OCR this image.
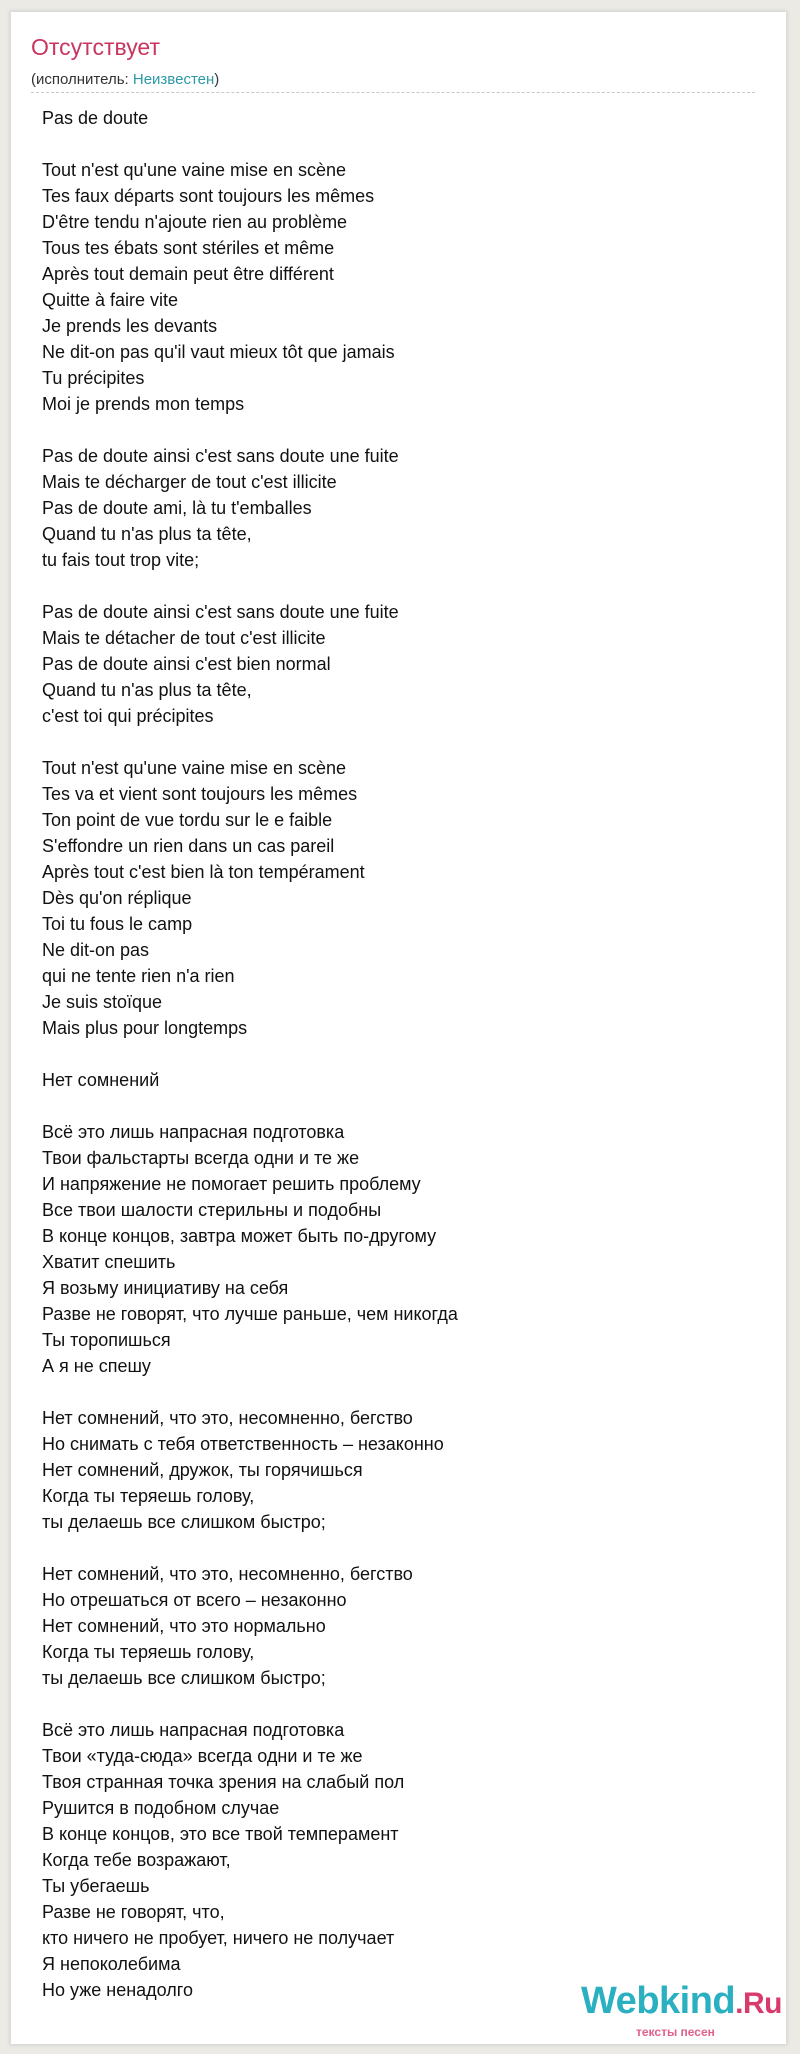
Отсутствует
(исполнитель: Неизвестен)
Pas de doute
Tout n'est qu'une vaine mise en scène
Tes faux départs sont toujours les mêmes
D'être tendu n'ajoute rien au problème
Tous tes ébats sont stériles et même
Après tout demain peut être différent
Quitte à faire vite
Je prends les devants
Ne dit-on pas qu'il vaut mieux tôt que jamais
Tu précipites
Moi je prends mon temps
Pas de doute ainsi c'est sans doute une fuite
Mais te décharger de tout c'est illicite
Pas de doute ami, là tu t'emballes
Quand tu n'as plus ta tête,
tu fais tout trop vite;
Pas de doute ainsi c'est sans doute une fuite
Mais te détacher de tout c'est illicite
Pas de doute ainsi c'est bien normal
Quand tu n'as plus ta tête,
c'est toi qui précipites
Tout n'est qu'une vaine mise en scène
Tes va et vient sont toujours les mêmes
Ton point de vue tordu sur le e faible
S'effondre un rien dans un cas pareil
Après tout c'est bien là ton tempérament
Dès qu'on réplique
Toi tu fous le camp
Ne dit-on pas
qui ne tente rien n'a rien
Je suis stoïque
Mais plus pour longtemps
Нет сомнений
Всё это лишь напрасная подготовка
Твои фальстарты всегда одни и те же
И напряжение не помогает решить проблему
Все твои шалости стерильны и подобны
В конце концов, завтра может быть по-другому
Хватит спешить
Я возьму инициативу на себя
Разве не говорят, что лучше раньше, чем никогда
Ты торопишься
А я не спешу
Нет сомнений, что это, несомненно, бегство
Но снимать с тебя ответственность – незаконно
Нет сомнений, дружок, ты горячишься
Когда ты теряешь голову,
ты делаешь все слишком быстро;
Нет сомнений, что это, несомненно, бегство
Но отрешаться от всего – незаконно
Нет сомнений, что это нормально
Когда ты теряешь голову,
ты делаешь все слишком быстро;
Всё это лишь напрасная подготовка
Твои «туда-сюда» всегда одни и те же
Твоя странная точка зрения на слабый пол
Рушится в подобном случае
В конце концов, это все твой темперамент
Когда тебе возражают,
Ты убегаешь
Разве не говорят, что,
кто ничего не пробует, ничего не получает
Я непоколебима
Но уже ненадолго	Webkind.Ru
тексты песен
